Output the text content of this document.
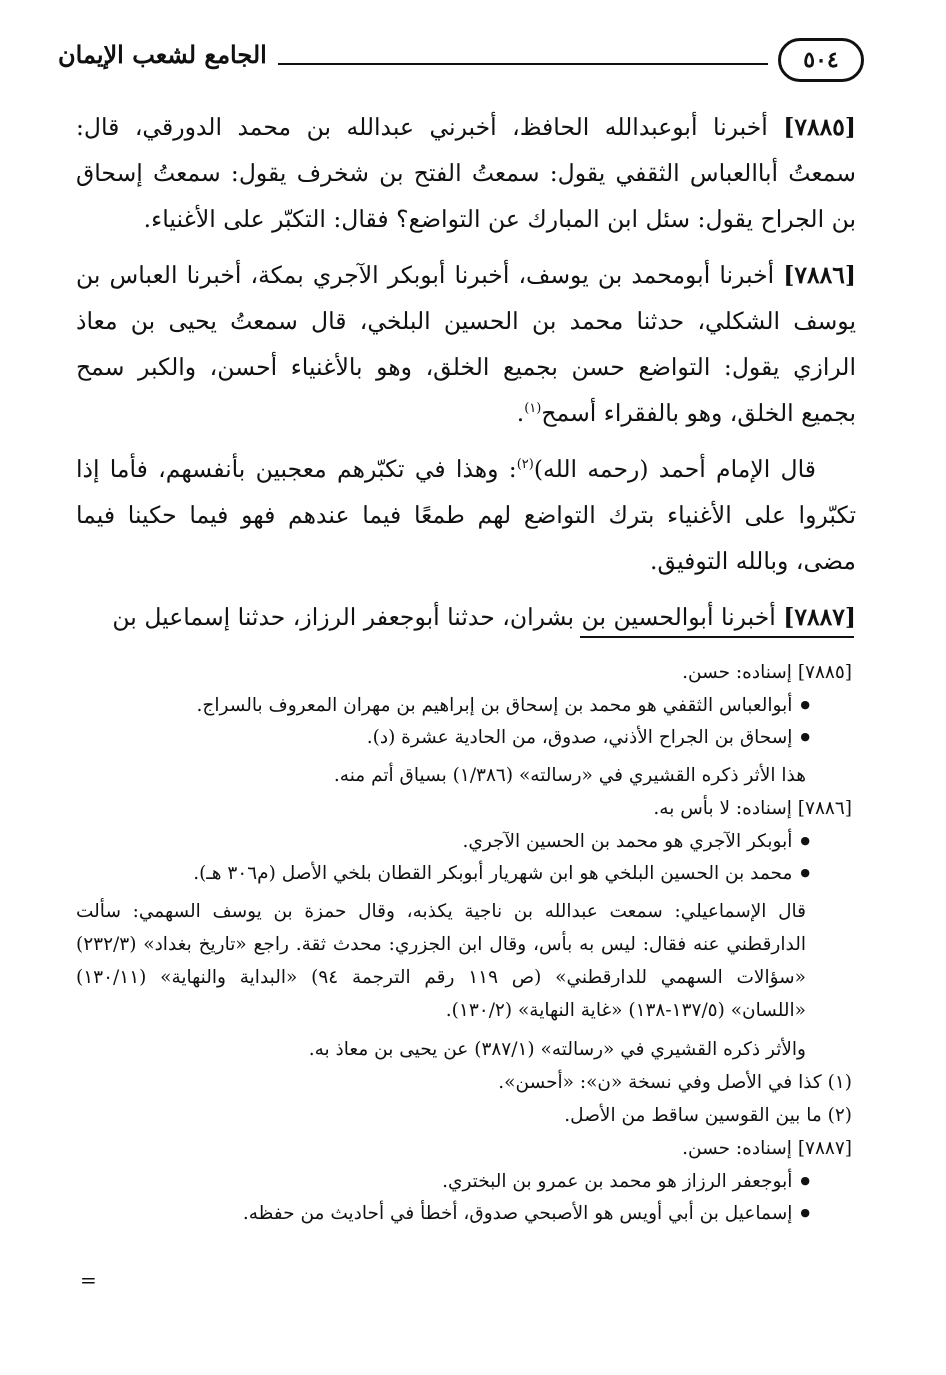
٥٠٤
الجامع لشعب الإيمان

[٧٨٨٥] أخبرنا أبوعبدالله الحافظ، أخبرني عبدالله بن محمد الدورقي، قال: سمعتُ أباالعباس الثقفي يقول: سمعتُ الفتح بن شخرف يقول: سمعتُ إسحاق بن الجراح يقول: سئل ابن المبارك عن التواضع؟ فقال: التكبّر على الأغنياء.

[٧٨٨٦] أخبرنا أبومحمد بن يوسف، أخبرنا أبوبكر الآجري بمكة، أخبرنا العباس بن يوسف الشكلي، حدثنا محمد بن الحسين البلخي، قال سمعتُ يحيى بن معاذ الرازي يقول: التواضع حسن بجميع الخلق، وهو بالأغنياء أحسن، والكبر سمح بجميع الخلق، وهو بالفقراء أسمح$^{(١)}$.

قال الإمام أحمد (رحمه الله)$^{(٢)}$: وهذا في تكبّرهم معجبين بأنفسهم، فأما إذا تكبّروا على الأغنياء بترك التواضع لهم طمعًا فيما عندهم فهو فيما حكينا فيما مضى، وبالله التوفيق.

[٧٨٨٧] أخبرنا أبوالحسين بن بشران، حدثنا أبوجعفر الرزاز، حدثنا إسماعيل بن

[٧٨٨٥] إسناده: حسن.

● أبوالعباس الثقفي هو محمد بن إسحاق بن إبراهيم بن مهران المعروف بالسراج.

● إسحاق بن الجراح الأذني، صدوق، من الحادية عشرة (د).

هذا الأثر ذكره القشيري في «رسالته» (١/٣٨٦) بسياق أتم منه.

[٧٨٨٦] إسناده: لا بأس به.

● أبوبكر الآجري هو محمد بن الحسين الآجري.

● محمد بن الحسين البلخي هو ابن شهريار أبوبكر القطان بلخي الأصل (م٣٠٦ هـ).

قال الإسماعيلي: سمعت عبدالله بن ناجية يكذبه، وقال حمزة بن يوسف السهمي: سألت الدارقطني عنه فقال: ليس به بأس، وقال ابن الجزري: محدث ثقة. راجع «تاريخ بغداد» (٢٣٢/٣) «سؤالات السهمي للدارقطني» (ص ١١٩ رقم الترجمة ٩٤) «البداية والنهاية» (١٣٠/١١) «اللسان» (١٣٧/٥-١٣٨) «غاية النهاية» (١٣٠/٢).

والأثر ذكره القشيري في «رسالته» (٣٨٧/١) عن يحيى بن معاذ به.

(١) كذا في الأصل وفي نسخة «ن»: «أحسن».

(٢) ما بين القوسين ساقط من الأصل.

[٧٨٨٧] إسناده: حسن.

● أبوجعفر الرزاز هو محمد بن عمرو بن البختري.

● إسماعيل بن أبي أويس هو الأصبحي صدوق، أخطأ في أحاديث من حفظه.

=
